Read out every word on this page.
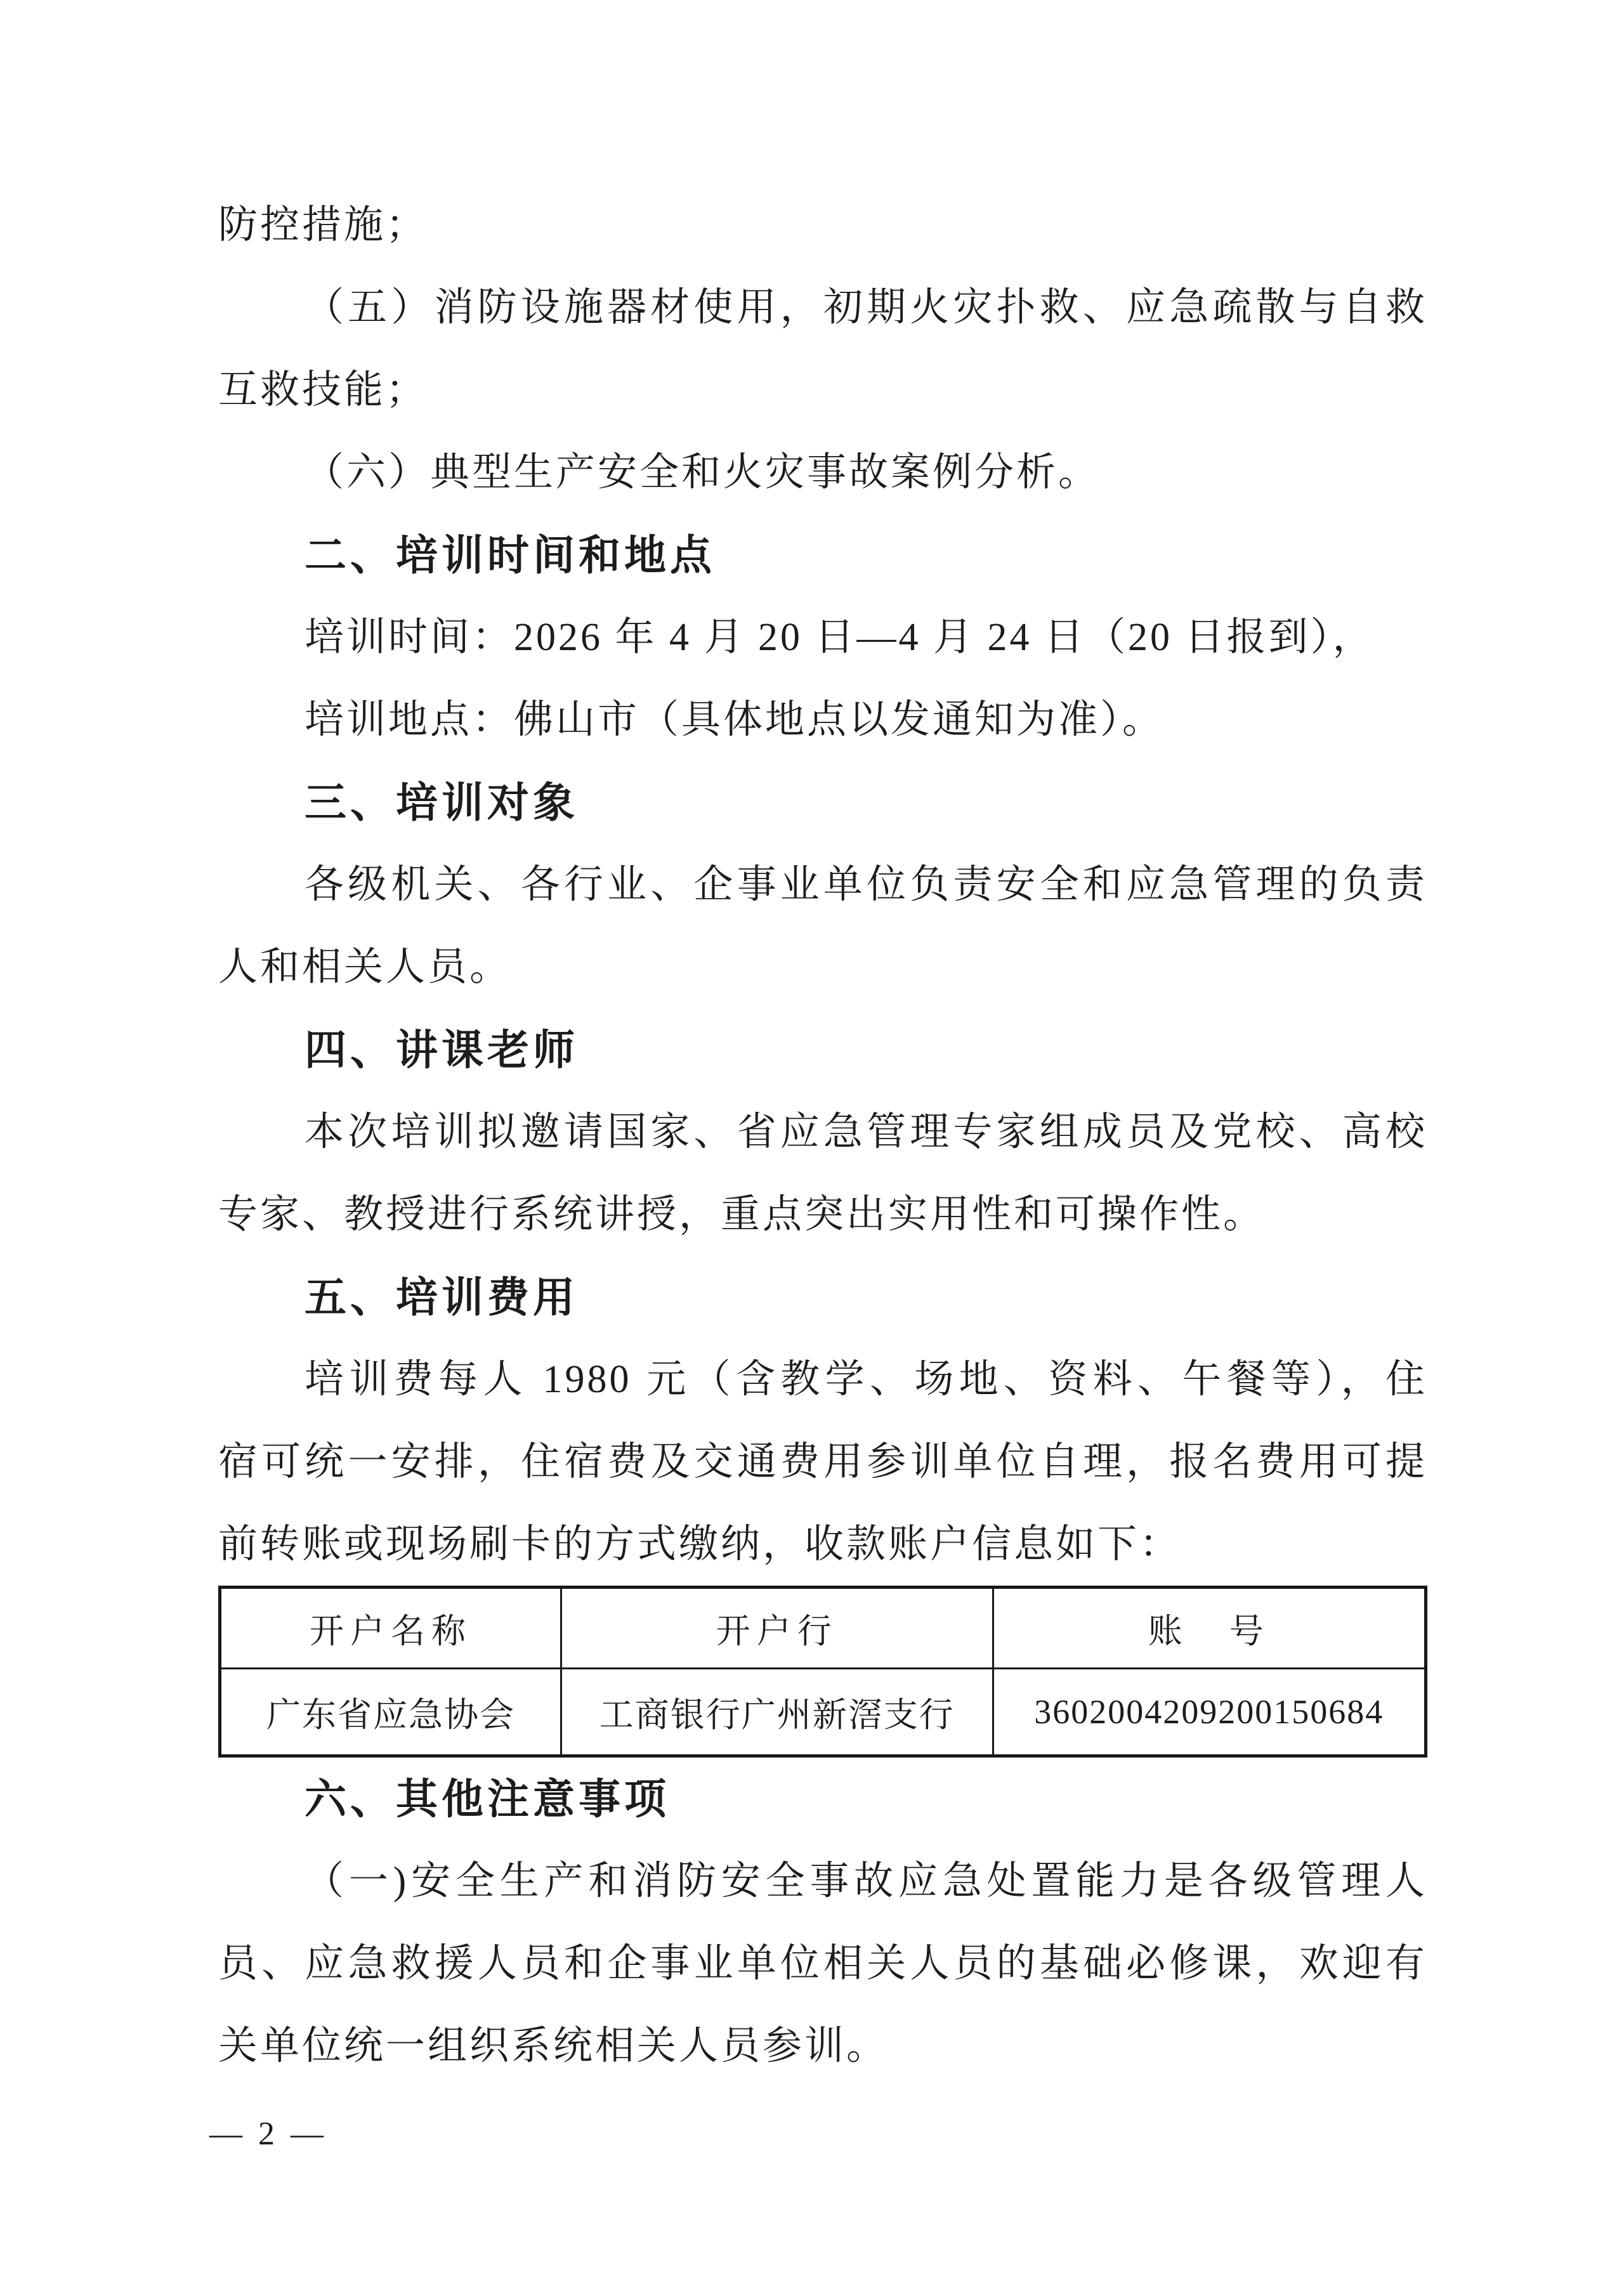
防控措施；
（五）消防设施器材使用，初期火灾扑救、应急疏散与自救
互救技能；
（六）典型生产安全和火灾事故案例分析。
二、培训时间和地点
培训时间：2026 年 4 月 20 日—4 月 24 日（20 日报到），
培训地点：佛山市（具体地点以发通知为准）。
三、培训对象
各级机关、各行业、企事业单位负责安全和应急管理的负责
人和相关人员。
四、讲课老师
本次培训拟邀请国家、省应急管理专家组成员及党校、高校
专家、教授进行系统讲授，重点突出实用性和可操作性。
五、培训费用
培训费每人 1980 元（含教学、场地、资料、午餐等），住
宿可统一安排，住宿费及交通费用参训单位自理，报名费用可提
前转账或现场刷卡的方式缴纳，收款账户信息如下：
开户名称	开户行	账　号
广东省应急协会	工商银行广州新滘支行	3602004209200150684
六、其他注意事项
（一)安全生产和消防安全事故应急处置能力是各级管理人
员、应急救援人员和企事业单位相关人员的基础必修课，欢迎有
关单位统一组织系统相关人员参训。
— 2 —
